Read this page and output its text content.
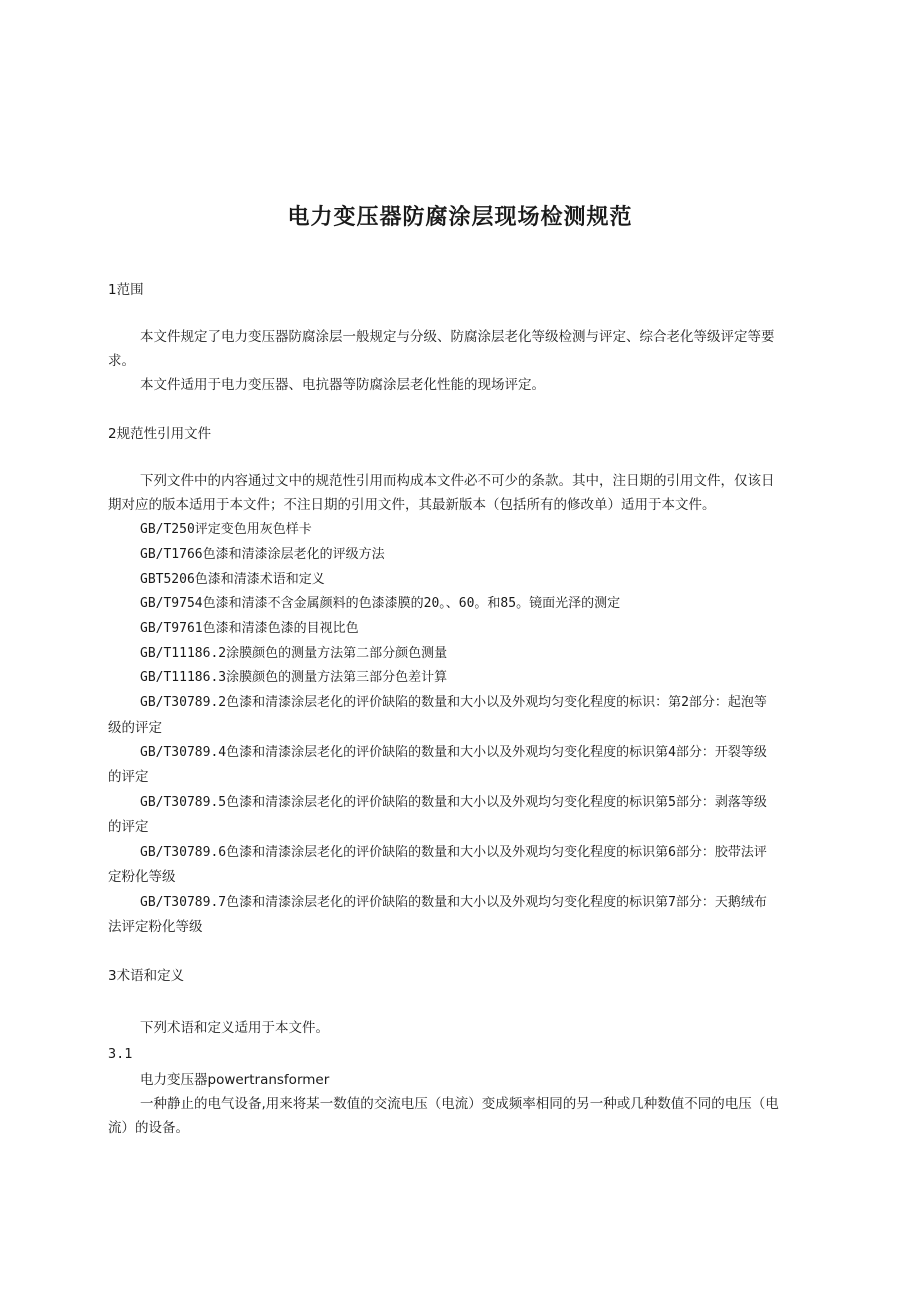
电力变压器防腐涂层现场检测规范
1范围
本文件规定了电力变压器防腐涂层一般规定与分级、防腐涂层老化等级检测与评定、综合老化等级评定等要
求。
本文件适用于电力变压器、电抗器等防腐涂层老化性能的现场评定。
2规范性引用文件
下列文件中的内容通过文中的规范性引用而构成本文件必不可少的条款。其中，注日期的引用文件，仅该日
期对应的版本适用于本文件；不注日期的引用文件，其最新版本（包括所有的修改单）适用于本文件。
GB/T250评定变色用灰色样卡
GB/T1766色漆和清漆涂层老化的评级方法
GBT5206色漆和清漆术语和定义
GB/T9754色漆和清漆不含金属颜料的色漆漆膜的20。、60。和85。镜面光泽的测定
GB/T9761色漆和清漆色漆的目视比色
GB/T11186.2涂膜颜色的测量方法第二部分颜色测量
GB/T11186.3涂膜颜色的测量方法第三部分色差计算
GB/T30789.2色漆和清漆涂层老化的评价缺陷的数量和大小以及外观均匀变化程度的标识：第2部分：起泡等
级的评定
GB/T30789.4色漆和清漆涂层老化的评价缺陷的数量和大小以及外观均匀变化程度的标识第4部分：开裂等级
的评定
GB/T30789.5色漆和清漆涂层老化的评价缺陷的数量和大小以及外观均匀变化程度的标识第5部分：剥落等级
的评定
GB/T30789.6色漆和清漆涂层老化的评价缺陷的数量和大小以及外观均匀变化程度的标识第6部分：胶带法评
定粉化等级
GB/T30789.7色漆和清漆涂层老化的评价缺陷的数量和大小以及外观均匀变化程度的标识第7部分：天鹅绒布
法评定粉化等级
3术语和定义
下列术语和定义适用于本文件。
3.1
电力变压器powertransformer
一种静止的电气设备,用来将某一数值的交流电压（电流）变成频率相同的另一种或几种数值不同的电压（电
流）的设备。
